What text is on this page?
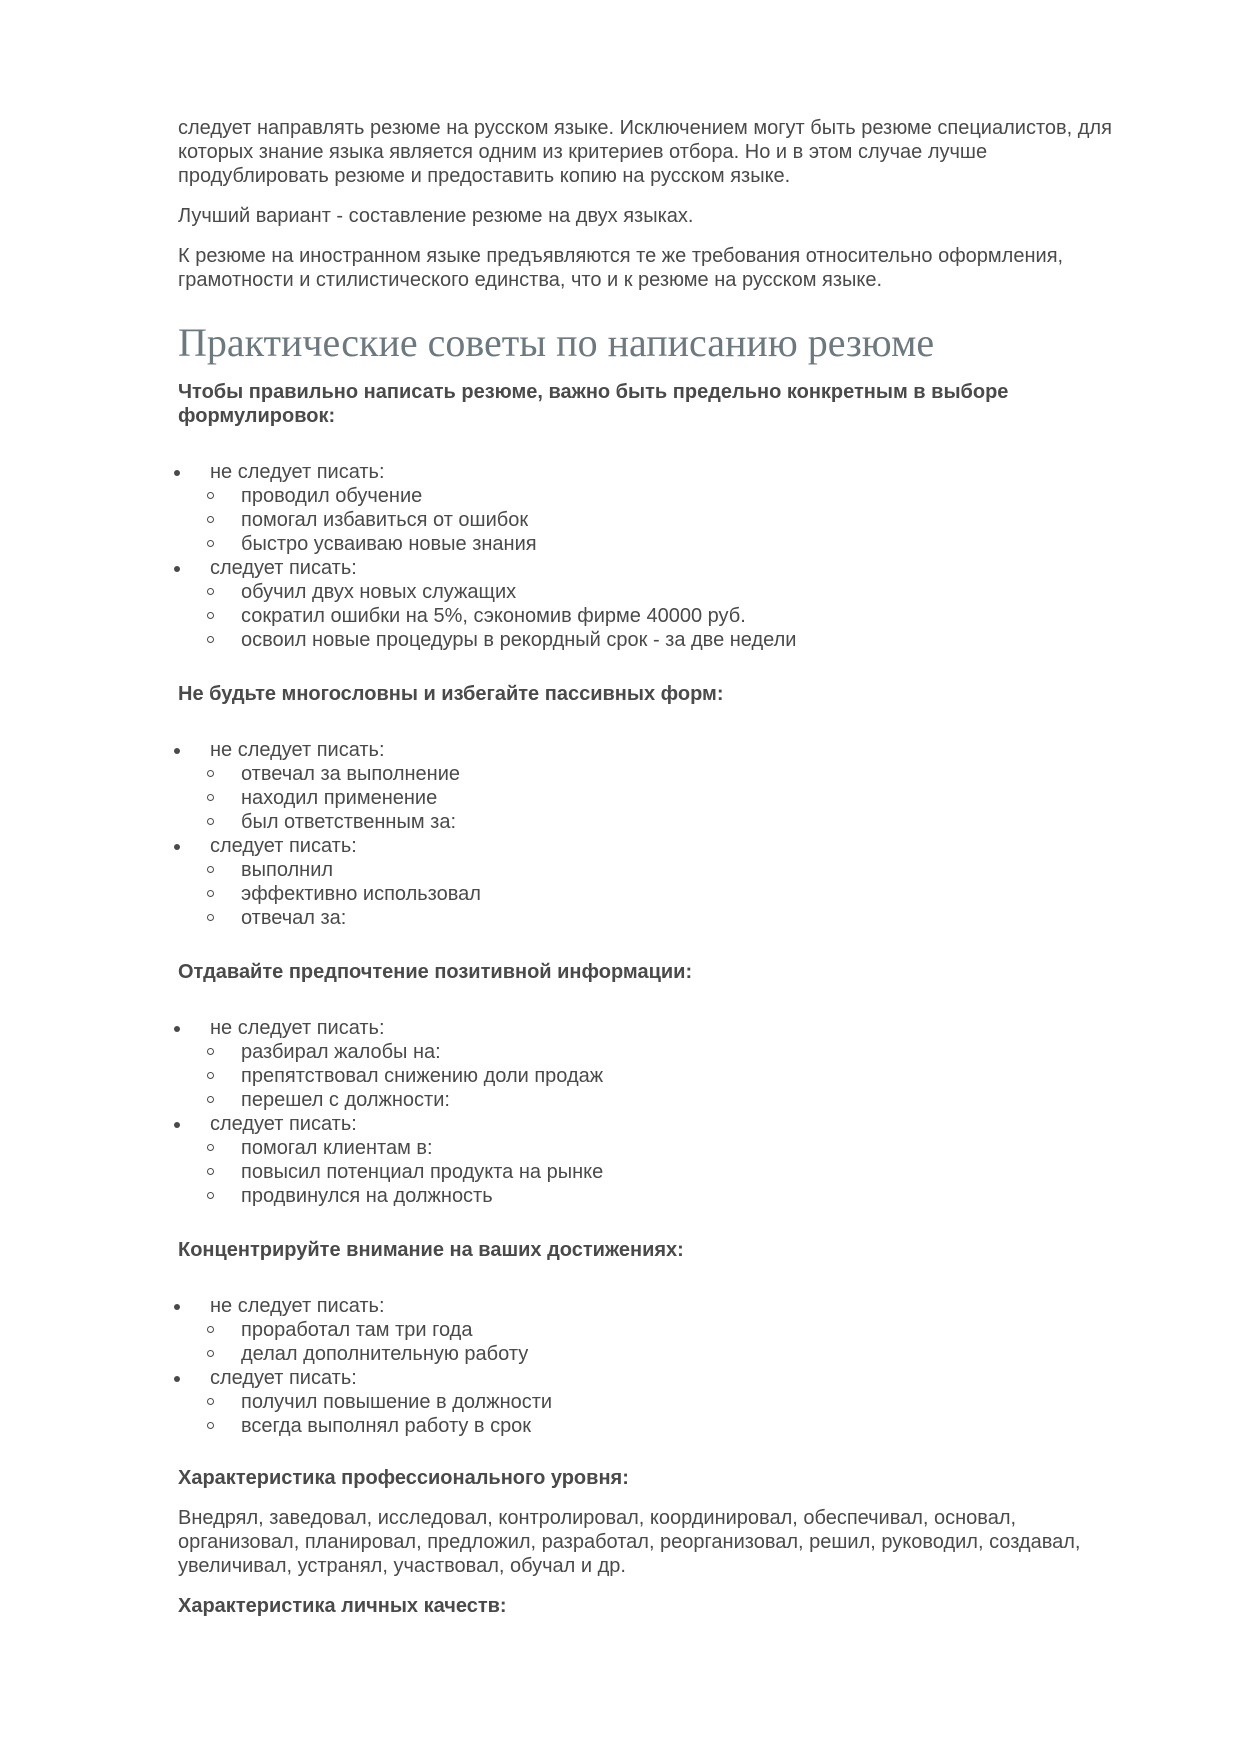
следует направлять резюме на русском языке. Исключением могут быть резюме специалистов, для которых знание языка является одним из критериев отбора. Но и в этом случае лучше продублировать резюме и предоставить копию на русском языке.

Лучший вариант - составление резюме на двух языках.

К резюме на иностранном языке предъявляются те же требования относительно оформления, грамотности и стилистического единства, что и к резюме на русском языке.

Практические советы по написанию резюме

Чтобы правильно написать резюме, важно быть предельно конкретным в выборе формулировок:

не следует писать:
проводил обучение
помогал избавиться от ошибок
быстро усваиваю новые знания
следует писать:
обучил двух новых служащих
сократил ошибки на 5%, сэкономив фирме 40000 руб.
освоил новые процедуры в рекордный срок - за две недели

Не будьте многословны и избегайте пассивных форм:

не следует писать:
отвечал за выполнение
находил применение
был ответственным за:
следует писать:
выполнил
эффективно использовал
отвечал за:

Отдавайте предпочтение позитивной информации:

не следует писать:
разбирал жалобы на:
препятствовал снижению доли продаж
перешел с должности:
следует писать:
помогал клиентам в:
повысил потенциал продукта на рынке
продвинулся на должность

Концентрируйте внимание на ваших достижениях:

не следует писать:
проработал там три года
делал дополнительную работу
следует писать:
получил повышение в должности
всегда выполнял работу в срок

Характеристика профессионального уровня:

Внедрял, заведовал, исследовал, контролировал, координировал, обеспечивал, основал, организовал, планировал, предложил, разработал, реорганизовал, решил, руководил, создавал, увеличивал, устранял, участвовал, обучал и др.

Характеристика личных качеств:
